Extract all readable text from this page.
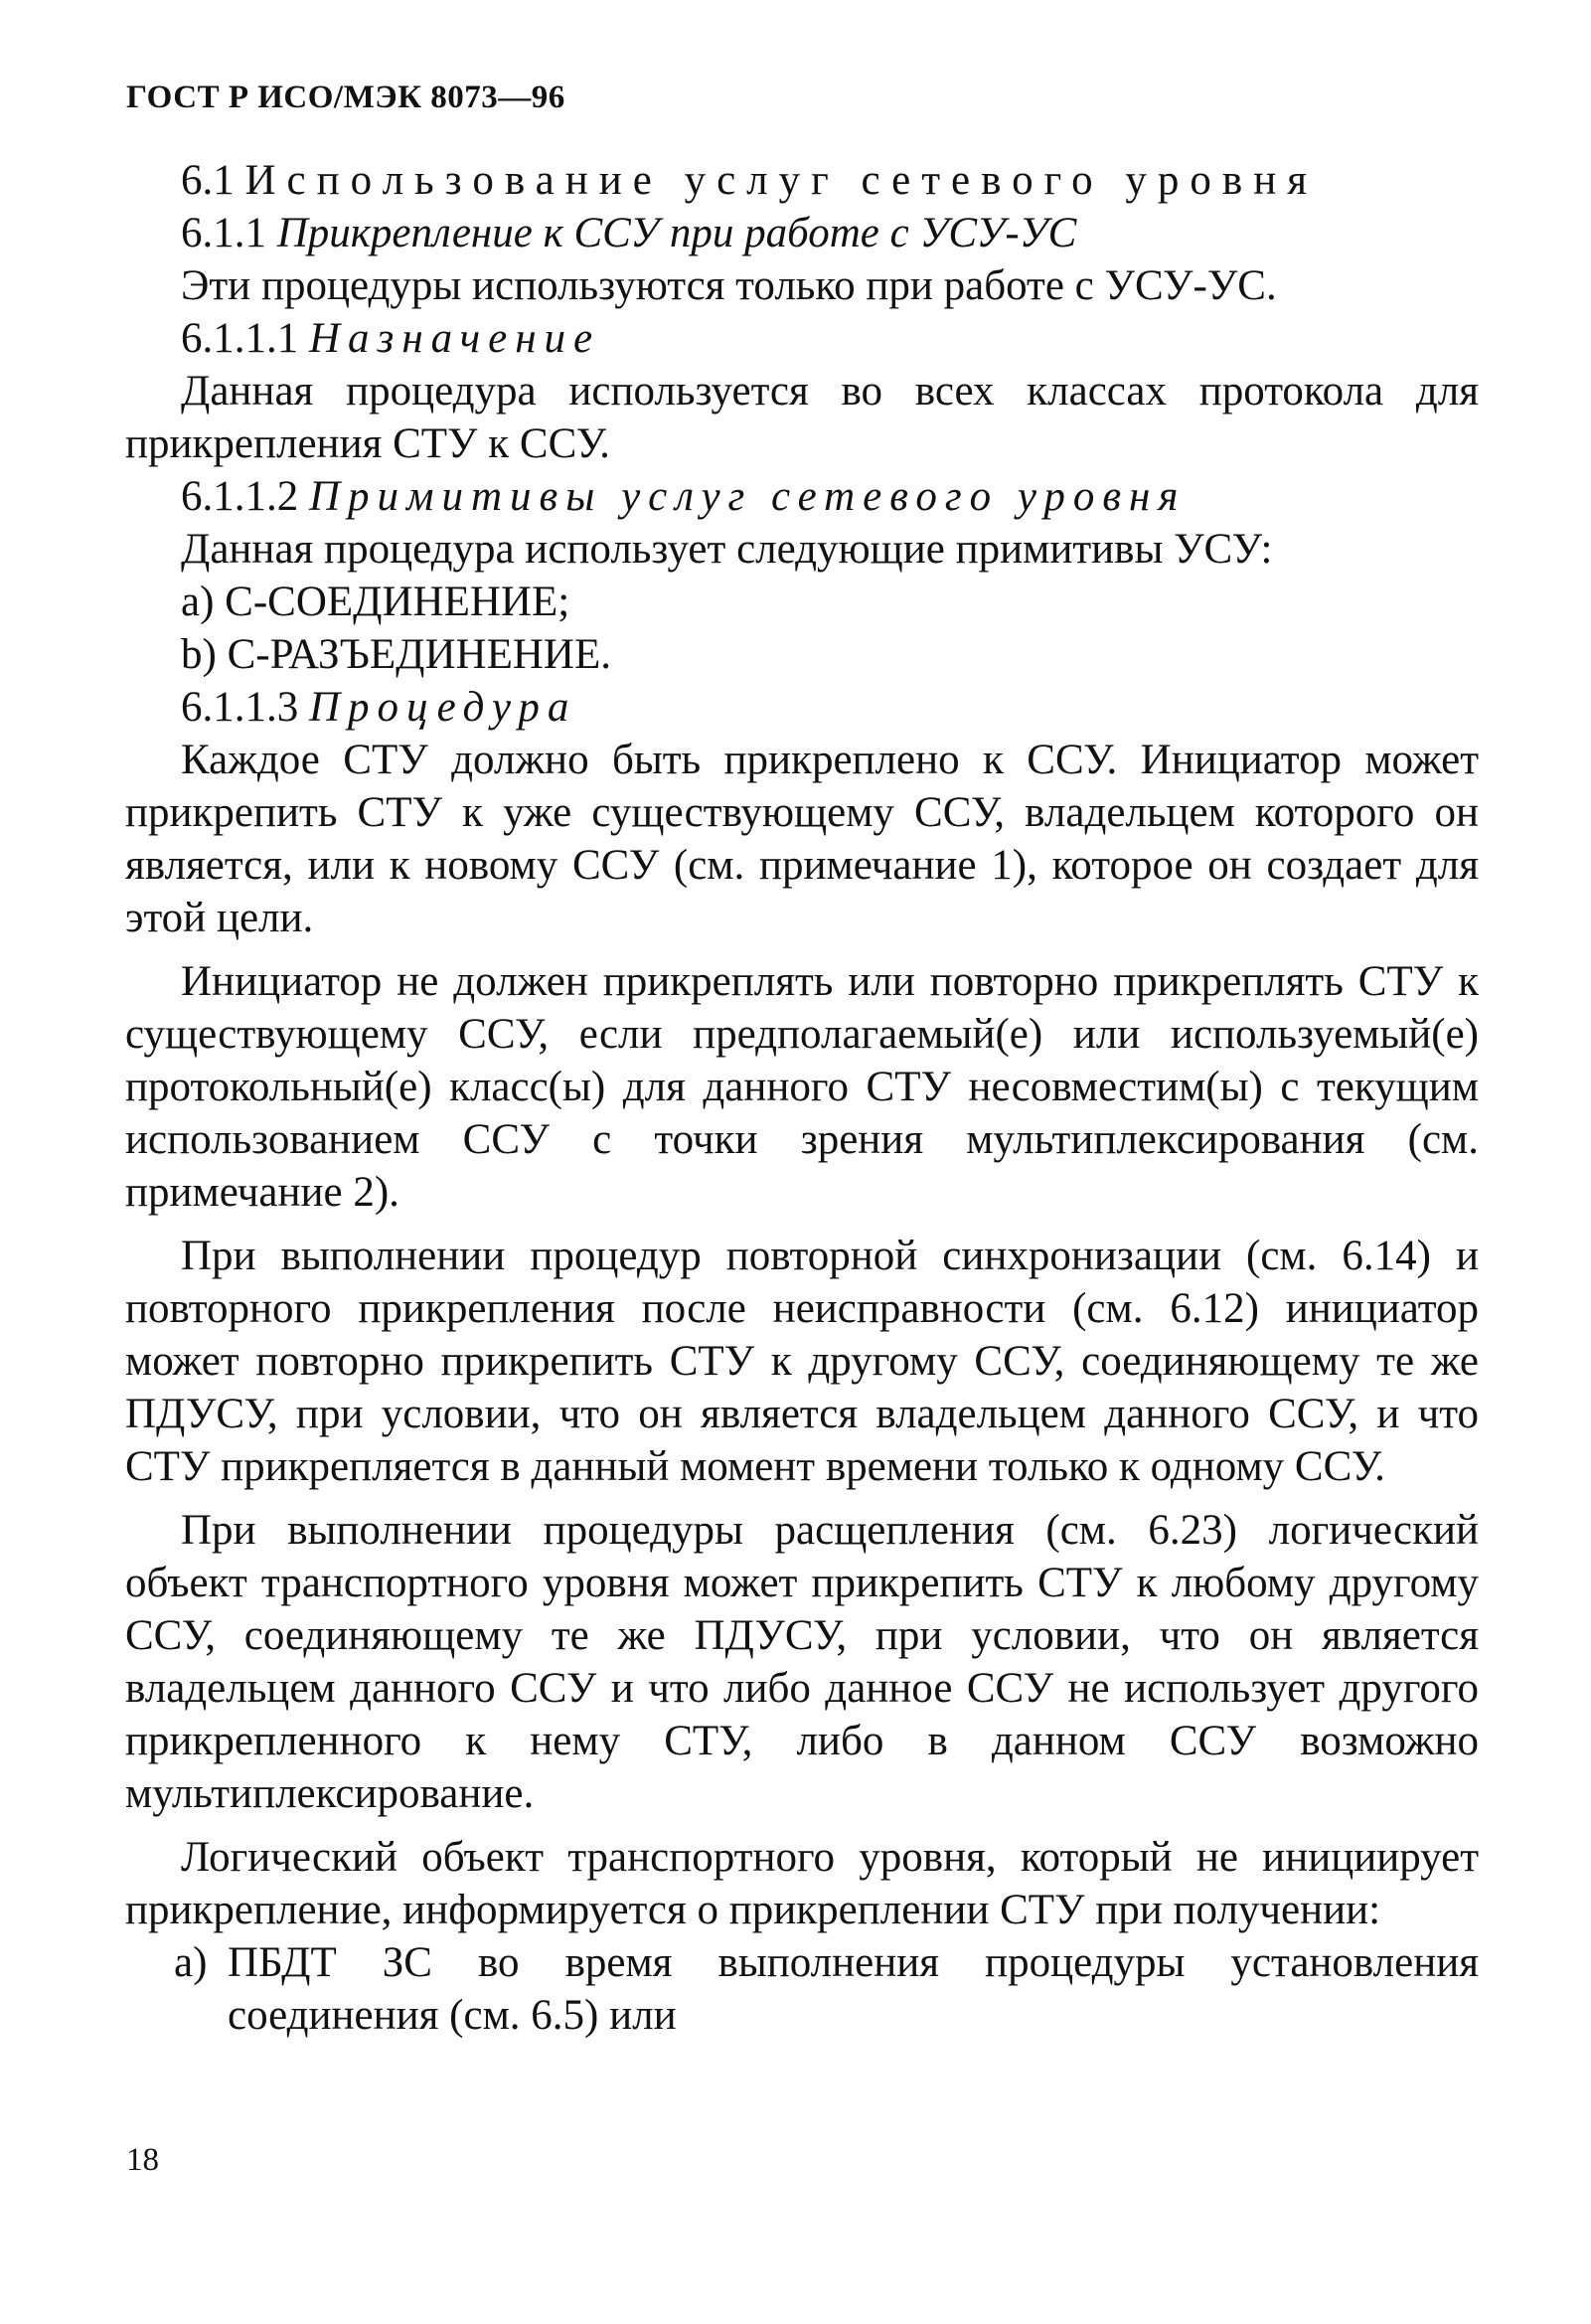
ГОСТ Р ИСО/МЭК 8073—96
6.1 Использование услуг сетевого уровня
6.1.1 Прикрепление к ССУ при работе с УСУ-УС
Эти процедуры используются только при работе с УСУ-УС.
6.1.1.1 Назначение

Данная процедура используется во всех классах протокола для прикрепления СТУ к ССУ.

6.1.1.2 Примитивы услуг сетевого уровня
Данная процедура использует следующие примитивы УСУ:
а) С-СОЕДИНЕНИЕ;
b) С-РАЗЪЕДИНЕНИЕ.
6.1.1.3 Процедура

Каждое СТУ должно быть прикреплено к ССУ. Инициатор может прикрепить СТУ к уже существующему ССУ, владельцем которого он является, или к новому ССУ (см. примечание 1), которое он создает для этой цели.

Инициатор не должен прикреплять или повторно прикреплять СТУ к существующему ССУ, если предполагаемый(е) или используемый(е) протокольный(е) класс(ы) для данного СТУ несовместим(ы) с текущим использованием ССУ с точки зрения мультиплексирования (см. примечание 2).

При выполнении процедур повторной синхронизации (см. 6.14) и повторного прикрепления после неисправности (см. 6.12) инициатор может повторно прикрепить СТУ к другому ССУ, соединяющему те же ПДУСУ, при условии, что он является владельцем данного ССУ, и что СТУ прикрепляется в данный момент времени только к одному ССУ.

При выполнении процедуры расщепления (см. 6.23) логический объект транспортного уровня может прикрепить СТУ к любому другому ССУ, соединяющему те же ПДУСУ, при условии, что он является владельцем данного ССУ и что либо данное ССУ не использует другого прикрепленного к нему СТУ, либо в данном ССУ возможно мультиплексирование.

Логический объект транспортного уровня, который не инициирует прикрепление, информируется о прикреплении СТУ при получении:

а) ПБДТ ЗС во время выполнения процедуры установления соединения (см. 6.5) или
18
